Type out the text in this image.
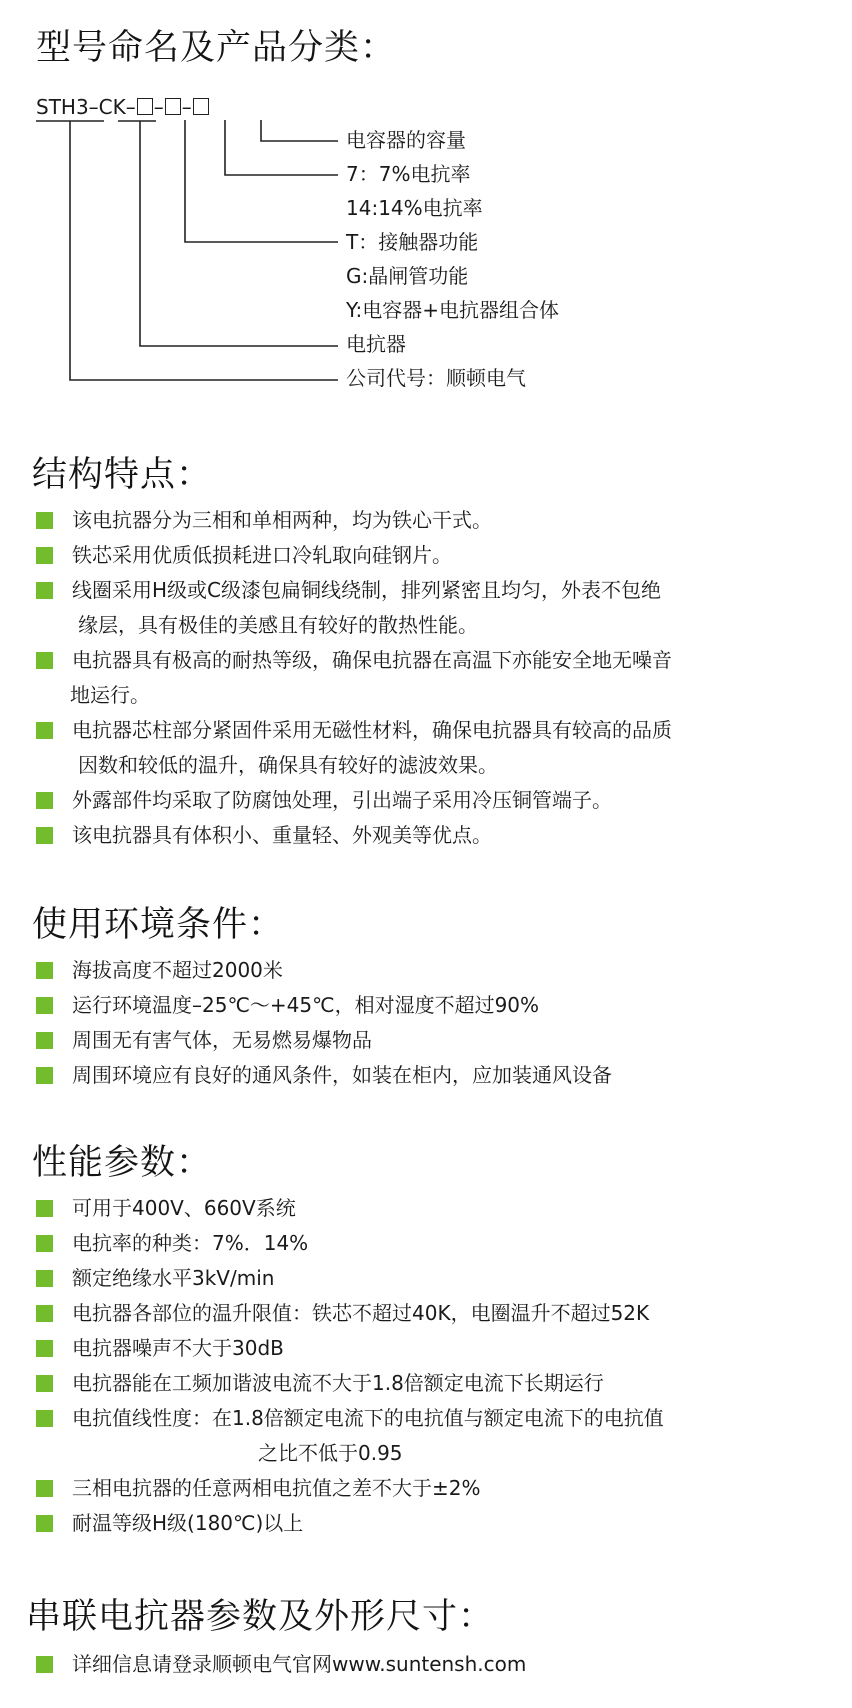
型号命名及产品分类：
STH3–CK– – –
电容器的容量
7：7%电抗率
14:14%电抗率
T：接触器功能
G:晶闸管功能
Y:电容器+电抗器组合体
电抗器
公司代号：顺顿电气
结构特点：
该电抗器分为三相和单相两种，均为铁心干式。
铁芯采用优质低损耗进口冷轧取向硅钢片。
线圈采用H级或C级漆包扁铜线绕制，排列紧密且均匀，外表不包绝
缘层，具有极佳的美感且有较好的散热性能。
电抗器具有极高的耐热等级，确保电抗器在高温下亦能安全地无噪音
地运行。
电抗器芯柱部分紧固件采用无磁性材料，确保电抗器具有较高的品质
因数和较低的温升，确保具有较好的滤波效果。
外露部件均采取了防腐蚀处理，引出端子采用冷压铜管端子。
该电抗器具有体积小、重量轻、外观美等优点。
使用环境条件：
海拔高度不超过2000米
运行环境温度–25℃～+45℃，相对湿度不超过90%
周围无有害气体，无易燃易爆物品
周围环境应有良好的通风条件，如装在柜内，应加装通风设备
性能参数：
可用于400V、660V系统
电抗率的种类：7%．14%
额定绝缘水平3kV/min
电抗器各部位的温升限值：铁芯不超过40K，电圈温升不超过52K
电抗器噪声不大于30dB
电抗器能在工频加谐波电流不大于1.8倍额定电流下长期运行
电抗值线性度：在1.8倍额定电流下的电抗值与额定电流下的电抗值
之比不低于0.95
三相电抗器的任意两相电抗值之差不大于±2%
耐温等级H级(180℃)以上
串联电抗器参数及外形尺寸：
详细信息请登录顺顿电气官网www.suntensh.com
